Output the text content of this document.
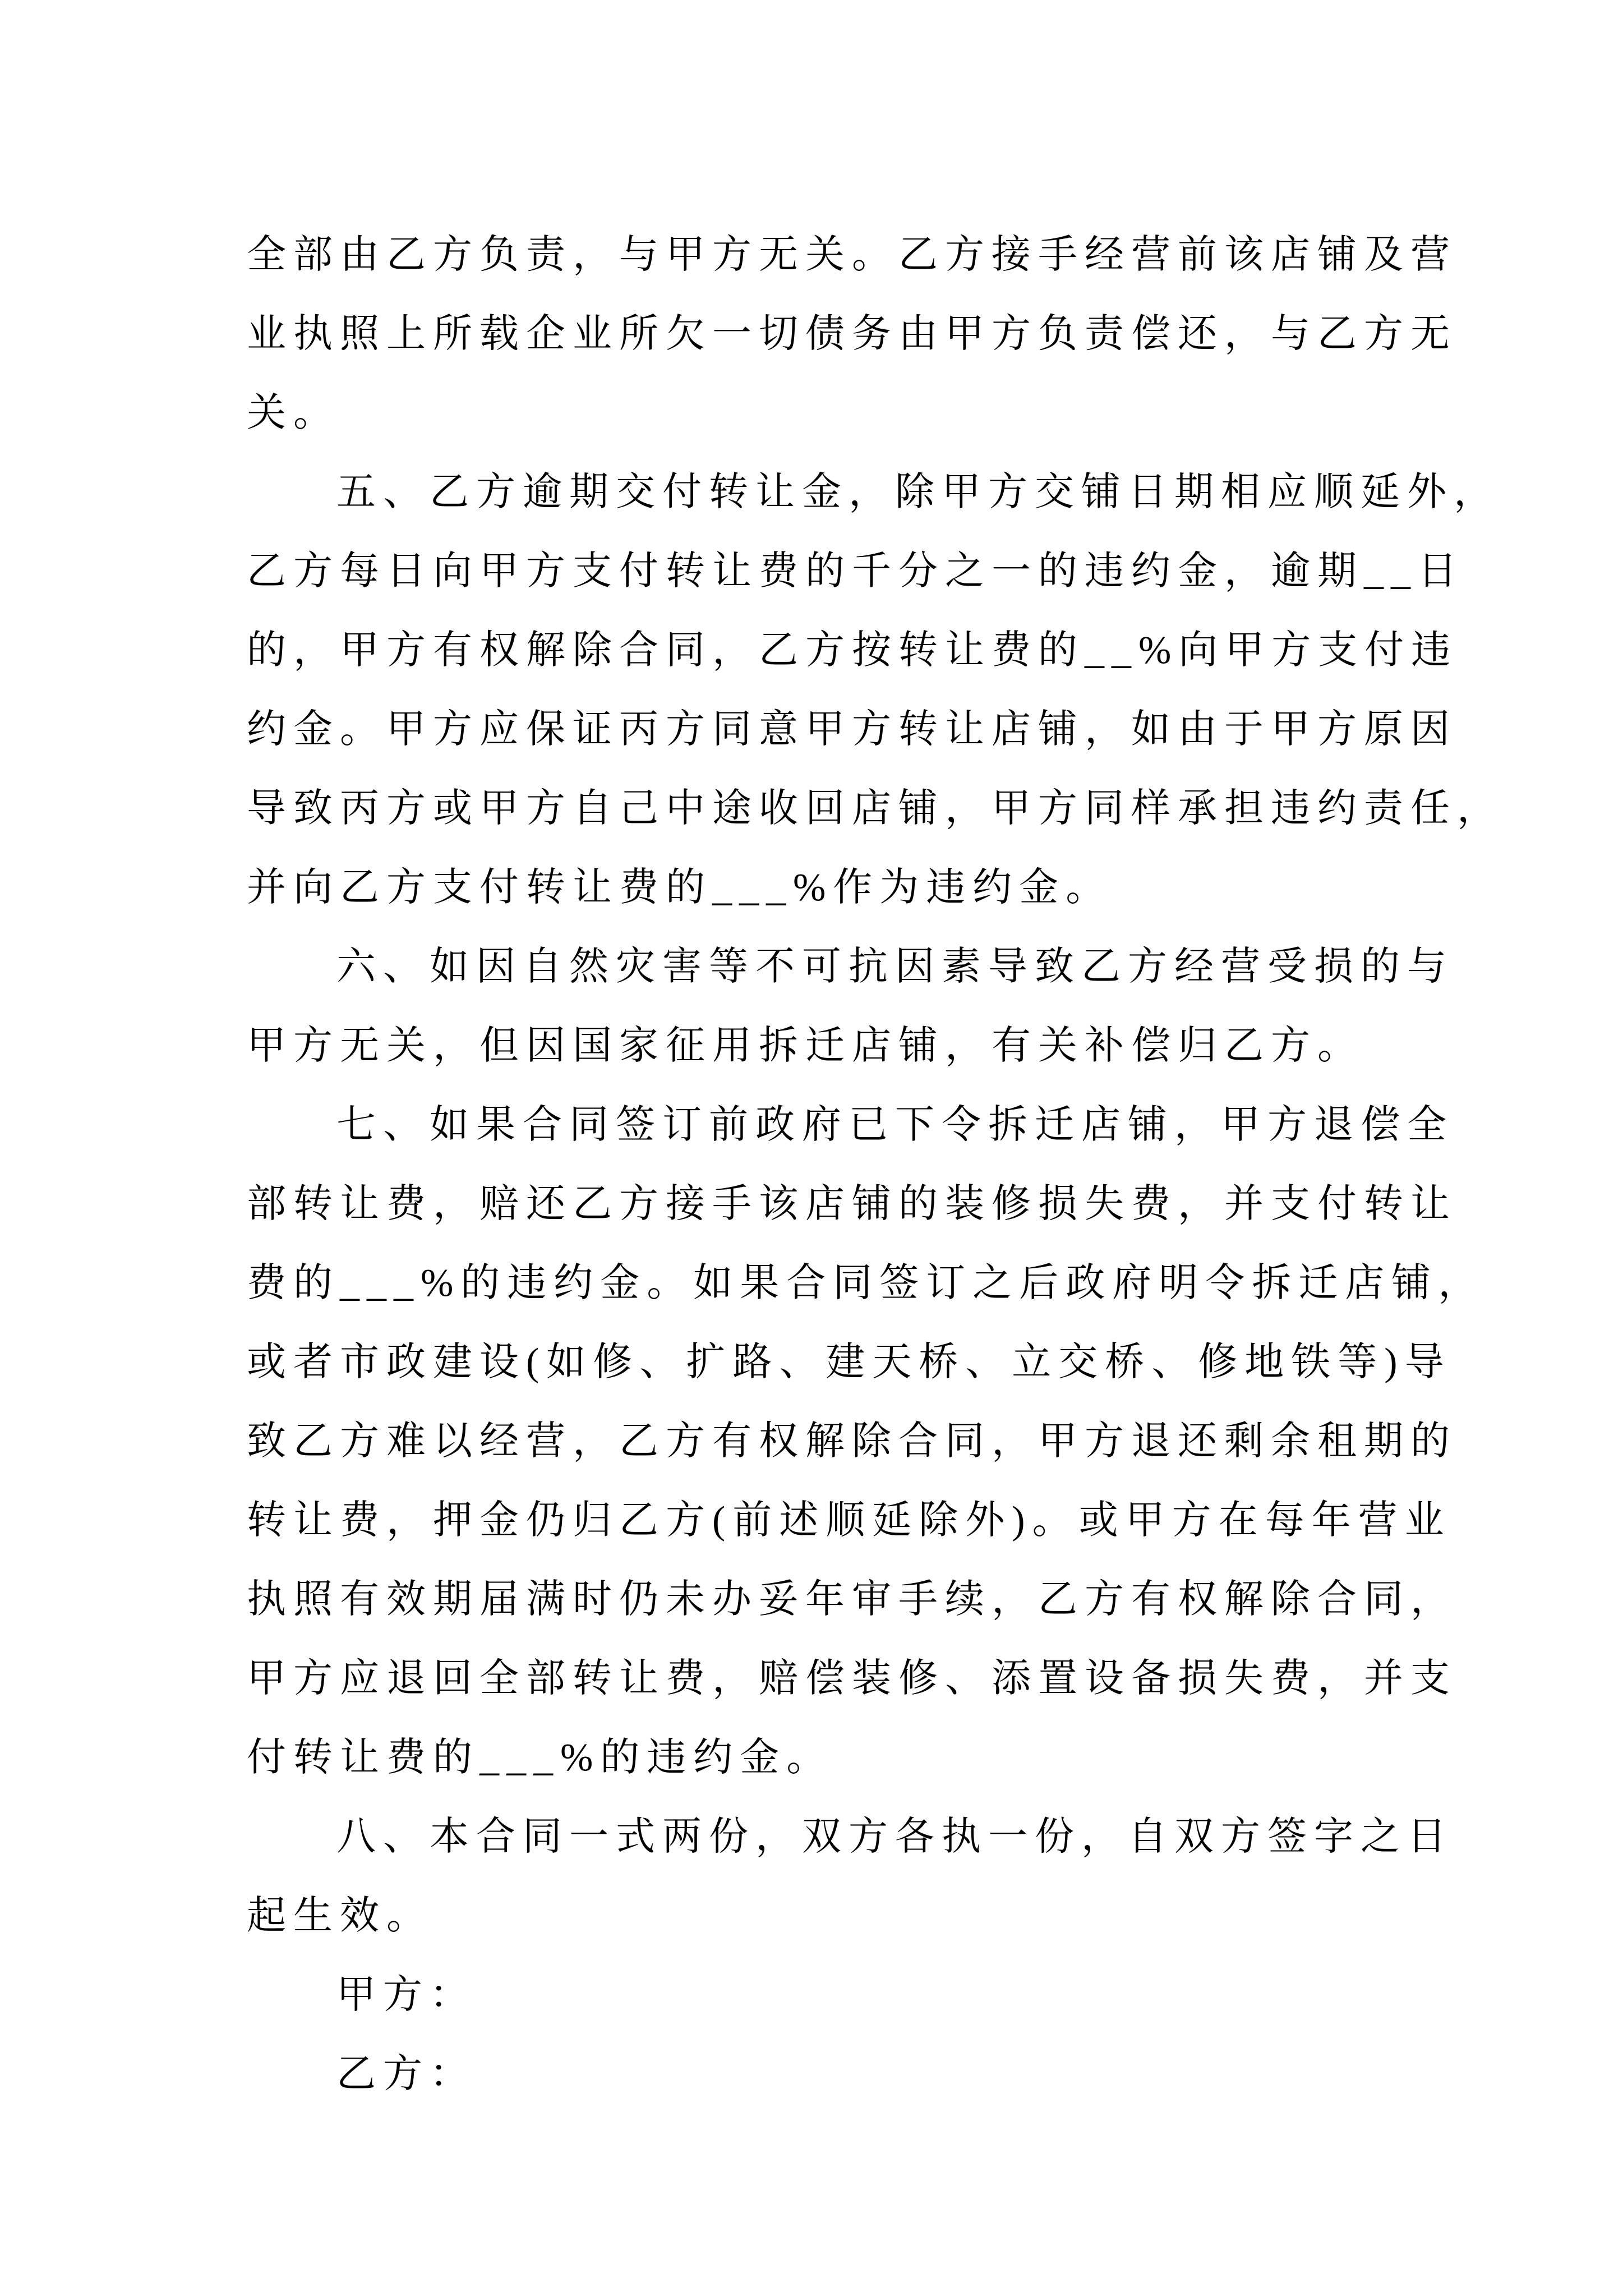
全部由乙方负责，与甲方无关。乙方接手经营前该店铺及营
业执照上所载企业所欠一切债务由甲方负责偿还，与乙方无
关。
五、乙方逾期交付转让金，除甲方交铺日期相应顺延外，
乙方每日向甲方支付转让费的千分之一的违约金，逾期__日
的，甲方有权解除合同，乙方按转让费的__%向甲方支付违
约金。甲方应保证丙方同意甲方转让店铺，如由于甲方原因
导致丙方或甲方自己中途收回店铺，甲方同样承担违约责任，
并向乙方支付转让费的___%作为违约金。
六、如因自然灾害等不可抗因素导致乙方经营受损的与
甲方无关，但因国家征用拆迁店铺，有关补偿归乙方。
七、如果合同签订前政府已下令拆迁店铺，甲方退偿全
部转让费，赔还乙方接手该店铺的装修损失费，并支付转让
费的___%的违约金。如果合同签订之后政府明令拆迁店铺，
或者市政建设(如修、扩路、建天桥、立交桥、修地铁等)导
致乙方难以经营，乙方有权解除合同，甲方退还剩余租期的
转让费，押金仍归乙方(前述顺延除外)。或甲方在每年营业
执照有效期届满时仍未办妥年审手续，乙方有权解除合同，
甲方应退回全部转让费，赔偿装修、添置设备损失费，并支
付转让费的___%的违约金。
八、本合同一式两份，双方各执一份，自双方签字之日
起生效。
甲方：
乙方：
